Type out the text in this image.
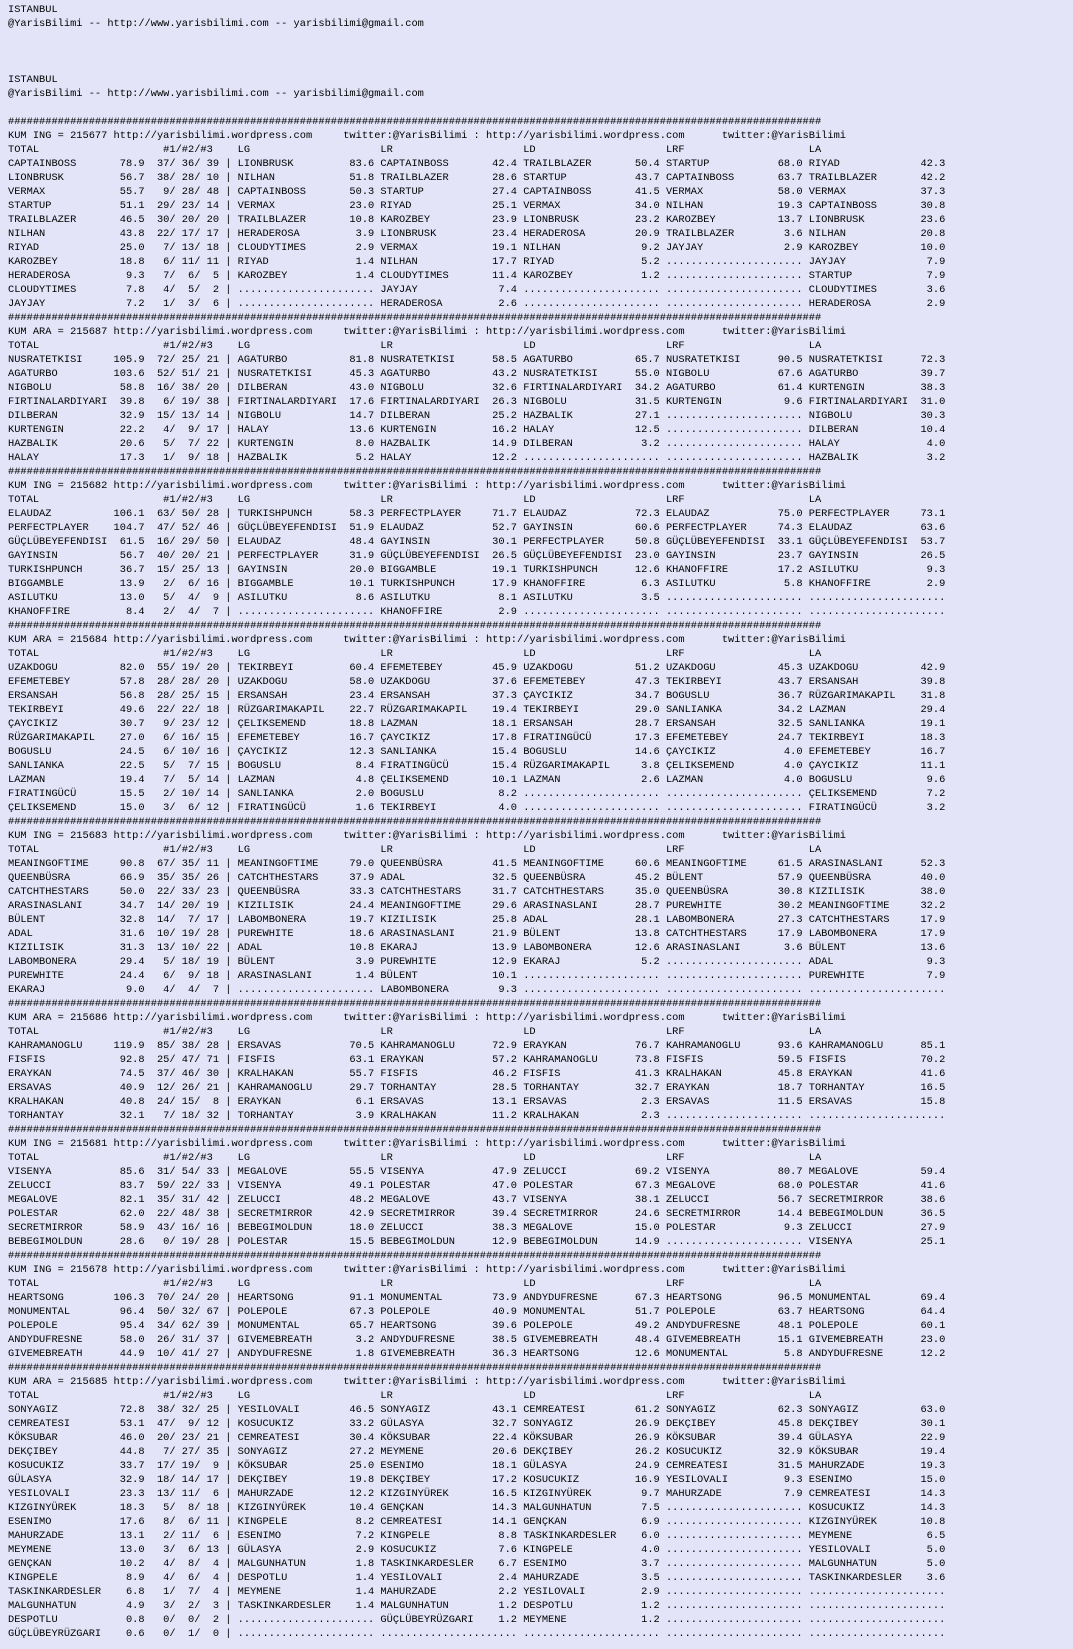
ISTANBUL
@YarisBilimi -- http://www.yarisbilimi.com -- yarisbilimi@gmail.com
ISTANBUL
@YarisBilimi -- http://www.yarisbilimi.com -- yarisbilimi@gmail.com
###################################################################################################################################
KUM ING = 215677 http://yarisbilimi.wordpress.com     twitter:@YarisBilimi : http://yarisbilimi.wordpress.com      twitter:@YarisBilimi
TOTAL                    #1/#2/#3    LG                     LR                     LD                     LRF                    LA
CAPTAINBOSS       78.9  37/ 36/ 39 | LIONBRUSK         83.6 CAPTAINBOSS       42.4 TRAILBLAZER       50.4 STARTUP           68.0 RIYAD             42.3
LIONBRUSK         56.7  38/ 28/ 10 | NILHAN            51.8 TRAILBLAZER       28.6 STARTUP           43.7 CAPTAINBOSS       63.7 TRAILBLAZER       42.2
VERMAX            55.7   9/ 28/ 48 | CAPTAINBOSS       50.3 STARTUP           27.4 CAPTAINBOSS       41.5 VERMAX            58.0 VERMAX            37.3
STARTUP           51.1  29/ 23/ 14 | VERMAX            23.0 RIYAD             25.1 VERMAX            34.0 NILHAN            19.3 CAPTAINBOSS       30.8
TRAILBLAZER       46.5  30/ 20/ 20 | TRAILBLAZER       10.8 KAROZBEY          23.9 LIONBRUSK         23.2 KAROZBEY          13.7 LIONBRUSK         23.6
NILHAN            43.8  22/ 17/ 17 | HERADEROSA         3.9 LIONBRUSK         23.4 HERADEROSA        20.9 TRAILBLAZER        3.6 NILHAN            20.8
RIYAD             25.0   7/ 13/ 18 | CLOUDYTIMES        2.9 VERMAX            19.1 NILHAN             9.2 JAYJAY             2.9 KAROZBEY          10.0
KAROZBEY          18.8   6/ 11/ 11 | RIYAD              1.4 NILHAN            17.7 RIYAD              5.2 ...................... JAYJAY             7.9
HERADEROSA         9.3   7/  6/  5 | KAROZBEY           1.4 CLOUDYTIMES       11.4 KAROZBEY           1.2 ...................... STARTUP            7.9
CLOUDYTIMES        7.8   4/  5/  2 | ...................... JAYJAY             7.4 ...................... ...................... CLOUDYTIMES        3.6
JAYJAY             7.2   1/  3/  6 | ...................... HERADEROSA         2.6 ...................... ...................... HERADEROSA         2.9
###################################################################################################################################
KUM ARA = 215687 http://yarisbilimi.wordpress.com     twitter:@YarisBilimi : http://yarisbilimi.wordpress.com      twitter:@YarisBilimi
TOTAL                    #1/#2/#3    LG                     LR                     LD                     LRF                    LA
NUSRATETKISI     105.9  72/ 25/ 21 | AGATURBO          81.8 NUSRATETKISI      58.5 AGATURBO          65.7 NUSRATETKISI      90.5 NUSRATETKISI      72.3
AGATURBO         103.6  52/ 51/ 21 | NUSRATETKISI      45.3 AGATURBO          43.2 NUSRATETKISI      55.0 NIGBOLU           67.6 AGATURBO          39.7
NIGBOLU           58.8  16/ 38/ 20 | DILBERAN          43.0 NIGBOLU           32.6 FIRTINALARDIYARI  34.2 AGATURBO          61.4 KURTENGIN         38.3
FIRTINALARDIYARI  39.8   6/ 19/ 38 | FIRTINALARDIYARI  17.6 FIRTINALARDIYARI  26.3 NIGBOLU           31.5 KURTENGIN          9.6 FIRTINALARDIYARI  31.0
DILBERAN          32.9  15/ 13/ 14 | NIGBOLU           14.7 DILBERAN          25.2 HAZBALIK          27.1 ...................... NIGBOLU           30.3
KURTENGIN         22.2   4/  9/ 17 | HALAY             13.6 KURTENGIN         16.2 HALAY             12.5 ...................... DILBERAN          10.4
HAZBALIK          20.6   5/  7/ 22 | KURTENGIN          8.0 HAZBALIK          14.9 DILBERAN           3.2 ...................... HALAY              4.0
HALAY             17.3   1/  9/ 18 | HAZBALIK           5.2 HALAY             12.2 ...................... ...................... HAZBALIK           3.2
###################################################################################################################################
KUM ING = 215682 http://yarisbilimi.wordpress.com     twitter:@YarisBilimi : http://yarisbilimi.wordpress.com      twitter:@YarisBilimi
TOTAL                    #1/#2/#3    LG                     LR                     LD                     LRF                    LA
ELAUDAZ          106.1  63/ 50/ 28 | TURKISHPUNCH      58.3 PERFECTPLAYER     71.7 ELAUDAZ           72.3 ELAUDAZ           75.0 PERFECTPLAYER     73.1
PERFECTPLAYER    104.7  47/ 52/ 46 | GÜÇLÜBEYEFENDISI  51.9 ELAUDAZ           52.7 GAYINSIN          60.6 PERFECTPLAYER     74.3 ELAUDAZ           63.6
GÜÇLÜBEYEFENDISI  61.5  16/ 29/ 50 | ELAUDAZ           48.4 GAYINSIN          30.1 PERFECTPLAYER     50.8 GÜÇLÜBEYEFENDISI  33.1 GÜÇLÜBEYEFENDISI  53.7
GAYINSIN          56.7  40/ 20/ 21 | PERFECTPLAYER     31.9 GÜÇLÜBEYEFENDISI  26.5 GÜÇLÜBEYEFENDISI  23.0 GAYINSIN          23.7 GAYINSIN          26.5
TURKISHPUNCH      36.7  15/ 25/ 13 | GAYINSIN          20.0 BIGGAMBLE         19.1 TURKISHPUNCH      12.6 KHANOFFIRE        17.2 ASILUTKU           9.3
BIGGAMBLE         13.9   2/  6/ 16 | BIGGAMBLE         10.1 TURKISHPUNCH      17.9 KHANOFFIRE         6.3 ASILUTKU           5.8 KHANOFFIRE         2.9
ASILUTKU          13.0   5/  4/  9 | ASILUTKU           8.6 ASILUTKU           8.1 ASILUTKU           3.5 ...................... ......................
KHANOFFIRE         8.4   2/  4/  7 | ...................... KHANOFFIRE         2.9 ...................... ...................... ......................
###################################################################################################################################
KUM ARA = 215684 http://yarisbilimi.wordpress.com     twitter:@YarisBilimi : http://yarisbilimi.wordpress.com      twitter:@YarisBilimi
TOTAL                    #1/#2/#3    LG                     LR                     LD                     LRF                    LA
UZAKDOGU          82.0  55/ 19/ 20 | TEKIRBEYI         60.4 EFEMETEBEY        45.9 UZAKDOGU          51.2 UZAKDOGU          45.3 UZAKDOGU          42.9
EFEMETEBEY        57.8  28/ 28/ 20 | UZAKDOGU          58.0 UZAKDOGU          37.6 EFEMETEBEY        47.3 TEKIRBEYI         43.7 ERSANSAH          39.8
ERSANSAH          56.8  28/ 25/ 15 | ERSANSAH          23.4 ERSANSAH          37.3 ÇAYCIKIZ          34.7 BOGUSLU           36.7 RÜZGARIMAKAPIL    31.8
TEKIRBEYI         49.6  22/ 22/ 18 | RÜZGARIMAKAPIL    22.7 RÜZGARIMAKAPIL    19.4 TEKIRBEYI         29.0 SANLIANKA         34.2 LAZMAN            29.4
ÇAYCIKIZ          30.7   9/ 23/ 12 | ÇELIKSEMEND       18.8 LAZMAN            18.1 ERSANSAH          28.7 ERSANSAH          32.5 SANLIANKA         19.1
RÜZGARIMAKAPIL    27.0   6/ 16/ 15 | EFEMETEBEY        16.7 ÇAYCIKIZ          17.8 FIRATINGÜCÜ       17.3 EFEMETEBEY        24.7 TEKIRBEYI         18.3
BOGUSLU           24.5   6/ 10/ 16 | ÇAYCIKIZ          12.3 SANLIANKA         15.4 BOGUSLU           14.6 ÇAYCIKIZ           4.0 EFEMETEBEY        16.7
SANLIANKA         22.5   5/  7/ 15 | BOGUSLU            8.4 FIRATINGÜCÜ       15.4 RÜZGARIMAKAPIL     3.8 ÇELIKSEMEND        4.0 ÇAYCIKIZ          11.1
LAZMAN            19.4   7/  5/ 14 | LAZMAN             4.8 ÇELIKSEMEND       10.1 LAZMAN             2.6 LAZMAN             4.0 BOGUSLU            9.6
FIRATINGÜCÜ       15.5   2/ 10/ 14 | SANLIANKA          2.0 BOGUSLU            8.2 ...................... ...................... ÇELIKSEMEND        7.2
ÇELIKSEMEND       15.0   3/  6/ 12 | FIRATINGÜCÜ        1.6 TEKIRBEYI          4.0 ...................... ...................... FIRATINGÜCÜ        3.2
###################################################################################################################################
KUM ING = 215683 http://yarisbilimi.wordpress.com     twitter:@YarisBilimi : http://yarisbilimi.wordpress.com      twitter:@YarisBilimi
TOTAL                    #1/#2/#3    LG                     LR                     LD                     LRF                    LA
MEANINGOFTIME     90.8  67/ 35/ 11 | MEANINGOFTIME     79.0 QUEENBÜSRA        41.5 MEANINGOFTIME     60.6 MEANINGOFTIME     61.5 ARASINASLANI      52.3
QUEENBÜSRA        66.9  35/ 35/ 26 | CATCHTHESTARS     37.9 ADAL              32.5 QUEENBÜSRA        45.2 BÜLENT            57.9 QUEENBÜSRA        40.0
CATCHTHESTARS     50.0  22/ 33/ 23 | QUEENBÜSRA        33.3 CATCHTHESTARS     31.7 CATCHTHESTARS     35.0 QUEENBÜSRA        30.8 KIZILISIK         38.0
ARASINASLANI      34.7  14/ 20/ 19 | KIZILISIK         24.4 MEANINGOFTIME     29.6 ARASINASLANI      28.7 PUREWHITE         30.2 MEANINGOFTIME     32.2
BÜLENT            32.8  14/  7/ 17 | LABOMBONERA       19.7 KIZILISIK         25.8 ADAL              28.1 LABOMBONERA       27.3 CATCHTHESTARS     17.9
ADAL              31.6  10/ 19/ 28 | PUREWHITE         18.6 ARASINASLANI      21.9 BÜLENT            13.8 CATCHTHESTARS     17.9 LABOMBONERA       17.9
KIZILISIK         31.3  13/ 10/ 22 | ADAL              10.8 EKARAJ            13.9 LABOMBONERA       12.6 ARASINASLANI       3.6 BÜLENT            13.6
LABOMBONERA       29.4   5/ 18/ 19 | BÜLENT             3.9 PUREWHITE         12.9 EKARAJ             5.2 ...................... ADAL               9.3
PUREWHITE         24.4   6/  9/ 18 | ARASINASLANI       1.4 BÜLENT            10.1 ...................... ...................... PUREWHITE          7.9
EKARAJ             9.0   4/  4/  7 | ...................... LABOMBONERA        9.3 ...................... ...................... ......................
###################################################################################################################################
KUM ARA = 215686 http://yarisbilimi.wordpress.com     twitter:@YarisBilimi : http://yarisbilimi.wordpress.com      twitter:@YarisBilimi
TOTAL                    #1/#2/#3    LG                     LR                     LD                     LRF                    LA
KAHRAMANOGLU     119.9  85/ 38/ 28 | ERSAVAS           70.5 KAHRAMANOGLU      72.9 ERAYKAN           76.7 KAHRAMANOGLU      93.6 KAHRAMANOGLU      85.1
FISFIS            92.8  25/ 47/ 71 | FISFIS            63.1 ERAYKAN           57.2 KAHRAMANOGLU      73.8 FISFIS            59.5 FISFIS            70.2
ERAYKAN           74.5  37/ 46/ 30 | KRALHAKAN         55.7 FISFIS            46.2 FISFIS            41.3 KRALHAKAN         45.8 ERAYKAN           41.6
ERSAVAS           40.9  12/ 26/ 21 | KAHRAMANOGLU      29.7 TORHANTAY         28.5 TORHANTAY         32.7 ERAYKAN           18.7 TORHANTAY         16.5
KRALHAKAN         40.8  24/ 15/  8 | ERAYKAN            6.1 ERSAVAS           13.1 ERSAVAS            2.3 ERSAVAS           11.5 ERSAVAS           15.8
TORHANTAY         32.1   7/ 18/ 32 | TORHANTAY          3.9 KRALHAKAN         11.2 KRALHAKAN          2.3 ...................... ......................
###################################################################################################################################
KUM ING = 215681 http://yarisbilimi.wordpress.com     twitter:@YarisBilimi : http://yarisbilimi.wordpress.com      twitter:@YarisBilimi
TOTAL                    #1/#2/#3    LG                     LR                     LD                     LRF                    LA
VISENYA           85.6  31/ 54/ 33 | MEGALOVE          55.5 VISENYA           47.9 ZELUCCI           69.2 VISENYA           80.7 MEGALOVE          59.4
ZELUCCI           83.7  59/ 22/ 33 | VISENYA           49.1 POLESTAR          47.0 POLESTAR          67.3 MEGALOVE          68.0 POLESTAR          41.6
MEGALOVE          82.1  35/ 31/ 42 | ZELUCCI           48.2 MEGALOVE          43.7 VISENYA           38.1 ZELUCCI           56.7 SECRETMIRROR      38.6
POLESTAR          62.0  22/ 48/ 38 | SECRETMIRROR      42.9 SECRETMIRROR      39.4 SECRETMIRROR      24.6 SECRETMIRROR      14.4 BEBEGIMOLDUN      36.5
SECRETMIRROR      58.9  43/ 16/ 16 | BEBEGIMOLDUN      18.0 ZELUCCI           38.3 MEGALOVE          15.0 POLESTAR           9.3 ZELUCCI           27.9
BEBEGIMOLDUN      28.6   0/ 19/ 28 | POLESTAR          15.5 BEBEGIMOLDUN      12.9 BEBEGIMOLDUN      14.9 ...................... VISENYA           25.1
###################################################################################################################################
KUM ING = 215678 http://yarisbilimi.wordpress.com     twitter:@YarisBilimi : http://yarisbilimi.wordpress.com      twitter:@YarisBilimi
TOTAL                    #1/#2/#3    LG                     LR                     LD                     LRF                    LA
HEARTSONG        106.3  70/ 24/ 20 | HEARTSONG         91.1 MONUMENTAL        73.9 ANDYDUFRESNE      67.3 HEARTSONG         96.5 MONUMENTAL        69.4
MONUMENTAL        96.4  50/ 32/ 67 | POLEPOLE          67.3 POLEPOLE          40.9 MONUMENTAL        51.7 POLEPOLE          63.7 HEARTSONG         64.4
POLEPOLE          95.4  34/ 62/ 39 | MONUMENTAL        65.7 HEARTSONG         39.6 POLEPOLE          49.2 ANDYDUFRESNE      48.1 POLEPOLE          60.1
ANDYDUFRESNE      58.0  26/ 31/ 37 | GIVEMEBREATH       3.2 ANDYDUFRESNE      38.5 GIVEMEBREATH      48.4 GIVEMEBREATH      15.1 GIVEMEBREATH      23.0
GIVEMEBREATH      44.9  10/ 41/ 27 | ANDYDUFRESNE       1.8 GIVEMEBREATH      36.3 HEARTSONG         12.6 MONUMENTAL         5.8 ANDYDUFRESNE      12.2
###################################################################################################################################
KUM ARA = 215685 http://yarisbilimi.wordpress.com     twitter:@YarisBilimi : http://yarisbilimi.wordpress.com      twitter:@YarisBilimi
TOTAL                    #1/#2/#3    LG                     LR                     LD                     LRF                    LA
SONYAGIZ          72.8  38/ 32/ 25 | YESILOVALI        46.5 SONYAGIZ          43.1 CEMREATESI        61.2 SONYAGIZ          62.3 SONYAGIZ          63.0
CEMREATESI        53.1  47/  9/ 12 | KOSUCUKIZ         33.2 GÜLASYA           32.7 SONYAGIZ          26.9 DEKÇIBEY          45.8 DEKÇIBEY          30.1
KÖKSUBAR          46.0  20/ 23/ 21 | CEMREATESI        30.4 KÖKSUBAR          22.4 KÖKSUBAR          26.9 KÖKSUBAR          39.4 GÜLASYA           22.9
DEKÇIBEY          44.8   7/ 27/ 35 | SONYAGIZ          27.2 MEYMENE           20.6 DEKÇIBEY          26.2 KOSUCUKIZ         32.9 KÖKSUBAR          19.4
KOSUCUKIZ         33.7  17/ 19/  9 | KÖKSUBAR          25.0 ESENIMO           18.1 GÜLASYA           24.9 CEMREATESI        31.5 MAHURZADE         19.3
GÜLASYA           32.9  18/ 14/ 17 | DEKÇIBEY          19.8 DEKÇIBEY          17.2 KOSUCUKIZ         16.9 YESILOVALI         9.3 ESENIMO           15.0
YESILOVALI        23.3  13/ 11/  6 | MAHURZADE         12.2 KIZGINYÜREK       16.5 KIZGINYÜREK        9.7 MAHURZADE          7.9 CEMREATESI        14.3
KIZGINYÜREK       18.3   5/  8/ 18 | KIZGINYÜREK       10.4 GENÇKAN           14.3 MALGUNHATUN        7.5 ...................... KOSUCUKIZ         14.3
ESENIMO           17.6   8/  6/ 11 | KINGPELE           8.2 CEMREATESI        14.1 GENÇKAN            6.9 ...................... KIZGINYÜREK       10.8
MAHURZADE         13.1   2/ 11/  6 | ESENIMO            7.2 KINGPELE           8.8 TASKINKARDESLER    6.0 ...................... MEYMENE            6.5
MEYMENE           13.0   3/  6/ 13 | GÜLASYA            2.9 KOSUCUKIZ          7.6 KINGPELE           4.0 ...................... YESILOVALI         5.0
GENÇKAN           10.2   4/  8/  4 | MALGUNHATUN        1.8 TASKINKARDESLER    6.7 ESENIMO            3.7 ...................... MALGUNHATUN        5.0
KINGPELE           8.9   4/  6/  4 | DESPOTLU           1.4 YESILOVALI         2.4 MAHURZADE          3.5 ...................... TASKINKARDESLER    3.6
TASKINKARDESLER    6.8   1/  7/  4 | MEYMENE            1.4 MAHURZADE          2.2 YESILOVALI         2.9 ...................... ......................
MALGUNHATUN        4.9   3/  2/  3 | TASKINKARDESLER    1.4 MALGUNHATUN        1.2 DESPOTLU           1.2 ...................... ......................
DESPOTLU           0.8   0/  0/  2 | ...................... GÜÇLÜBEYRÜZGARI    1.2 MEYMENE            1.2 ...................... ......................
GÜÇLÜBEYRÜZGARI    0.6   0/  1/  0 | ...................... ...................... ...................... ...................... ......................
